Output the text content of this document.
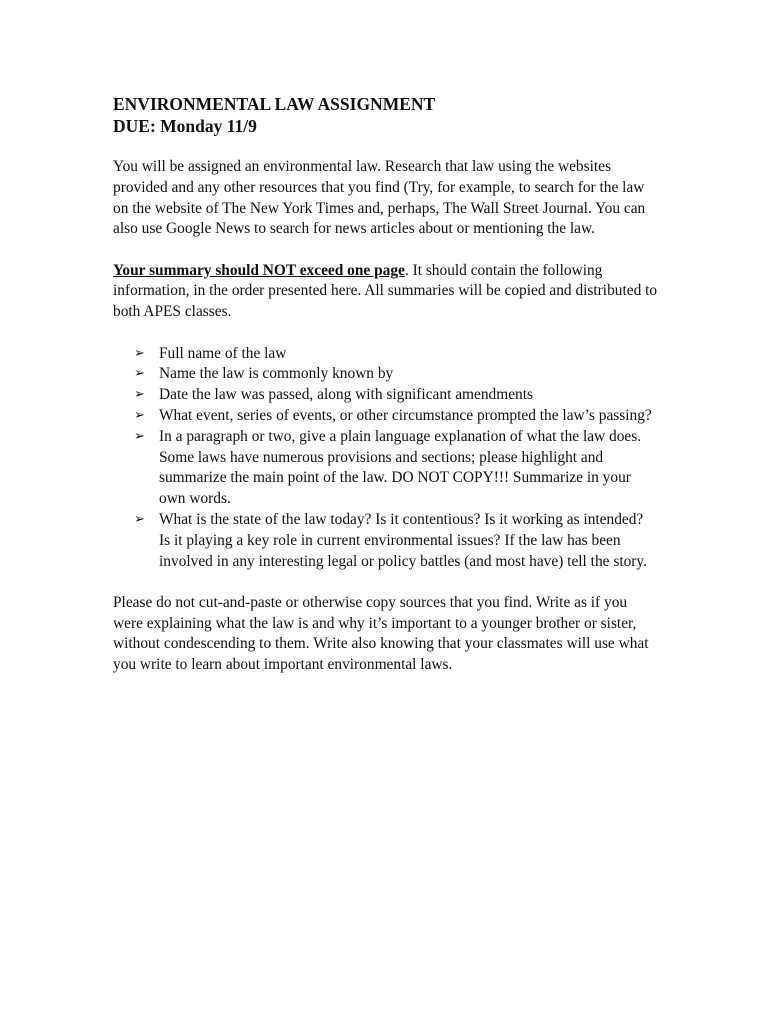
ENVIRONMENTAL LAW ASSIGNMENT

DUE: Monday 11/9

You will be assigned an environmental law. Research that law using the websites provided and any other resources that you find (Try, for example, to search for the law on the website of The New York Times and, perhaps, The Wall Street Journal. You can also use Google News to search for news articles about or mentioning the law.

Your summary should NOT exceed one page. It should contain the following information, in the order presented here. All summaries will be copied and distributed to both APES classes.

➢ Full name of the law
➢ Name the law is commonly known by
➢ Date the law was passed, along with significant amendments
➢ What event, series of events, or other circumstance prompted the law’s passing?
➢ In a paragraph or two, give a plain language explanation of what the law does. Some laws have numerous provisions and sections; please highlight and summarize the main point of the law. DO NOT COPY!!! Summarize in your own words.
➢ What is the state of the law today? Is it contentious? Is it working as intended? Is it playing a key role in current environmental issues? If the law has been involved in any interesting legal or policy battles (and most have) tell the story.

Please do not cut-and-paste or otherwise copy sources that you find. Write as if you were explaining what the law is and why it’s important to a younger brother or sister, without condescending to them. Write also knowing that your classmates will use what you write to learn about important environmental laws.
